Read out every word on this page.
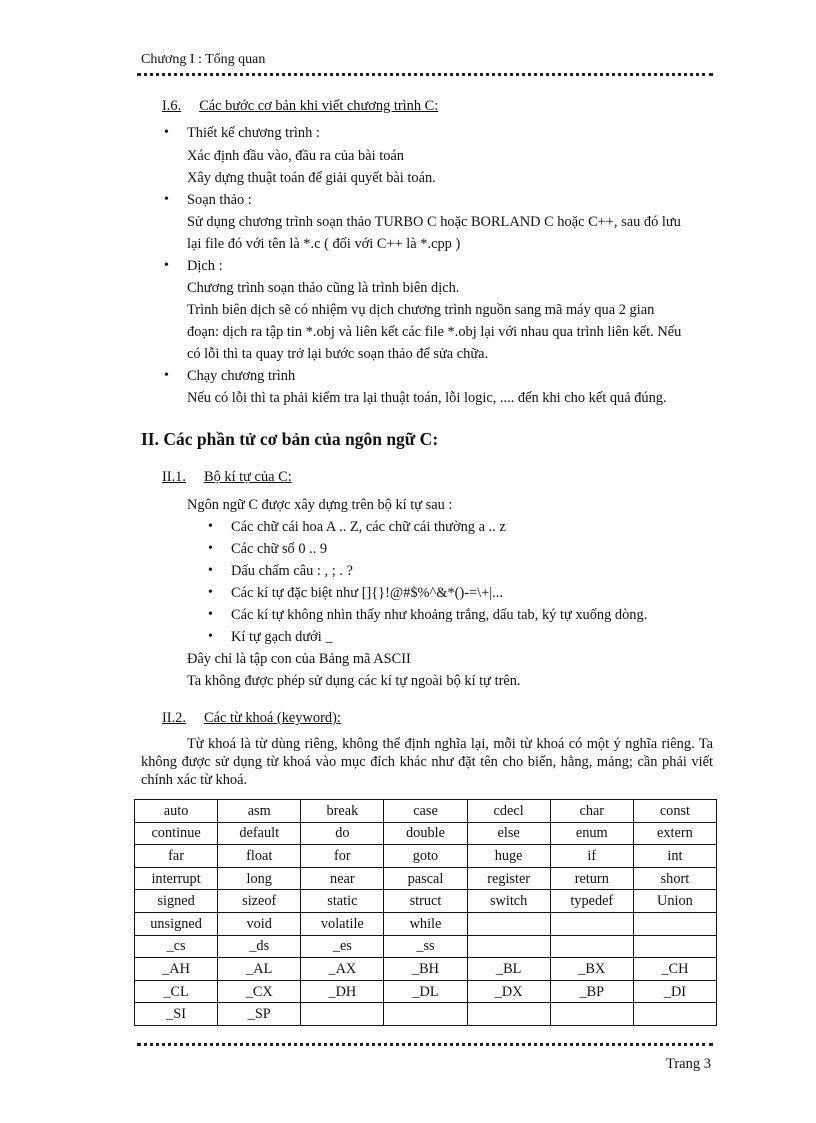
Chương I : Tổng quan
I.6. Các bước cơ bản khi viết chương trình C:
• Thiết kế chương trình :
Xác định đầu vào, đầu ra của bài toán
Xây dựng thuật toán để giải quyết bài toán.
• Soạn thảo :
Sử dụng chương trình soạn thảo TURBO C hoặc BORLAND C hoặc C++, sau đó lưu
lại file đó với tên là *.c ( đối với C++ là *.cpp )
• Dịch :
Chương trình soạn thảo cũng là trình biên dịch.
Trình biên dịch sẽ có nhiệm vụ dịch chương trình nguồn sang mã máy qua 2 gian
đoạn: dịch ra tập tin *.obj và liên kết các file *.obj lại với nhau qua trình liên kết. Nếu
có lỗi thì ta quay trở lại bước soạn thảo để sửa chữa.
• Chạy chương trình
Nếu có lỗi thì ta phải kiểm tra lại thuật toán, lỗi logic, .... đến khi cho kết quả đúng.
II. Các phần tử cơ bản của ngôn ngữ C:
II.1. Bộ kí tự của C:
Ngôn ngữ C được xây dựng trên bộ kí tự sau :
• Các chữ cái hoa A .. Z, các chữ cái thường a .. z
• Các chữ số 0 .. 9
• Dấu chấm câu : , ; . ?
• Các kí tự đặc biệt như []{}!@#$%^&*()-=\+|...
• Các kí tự không nhìn thấy như khoảng trắng, dấu tab, ký tự xuống dòng.
• Kí tự gạch dưới _
Đây chỉ là tập con của Bảng mã ASCII
Ta không được phép sử dụng các kí tự ngoài bộ kí tự trên.
II.2. Các từ khoá (keyword):
Từ khoá là từ dùng riêng, không thể định nghĩa lại, mỗi từ khoá có một ý nghĩa riêng. Ta không được sử dụng từ khoá vào mục đích khác như đặt tên cho biến, hằng, mảng; cần phải viết chính xác từ khoá.
auto	asm	break	case	cdecl	char	const
continue	default	do	double	else	enum	extern
far	float	for	goto	huge	if	int
interrupt	long	near	pascal	register	return	short
signed	sizeof	static	struct	switch	typedef	Union
unsigned	void	volatile	while			
_cs	_ds	_es	_ss			
_AH	_AL	_AX	_BH	_BL	_BX	_CH
_CL	_CX	_DH	_DL	_DX	_BP	_DI
_SI	_SP					
Trang 3
